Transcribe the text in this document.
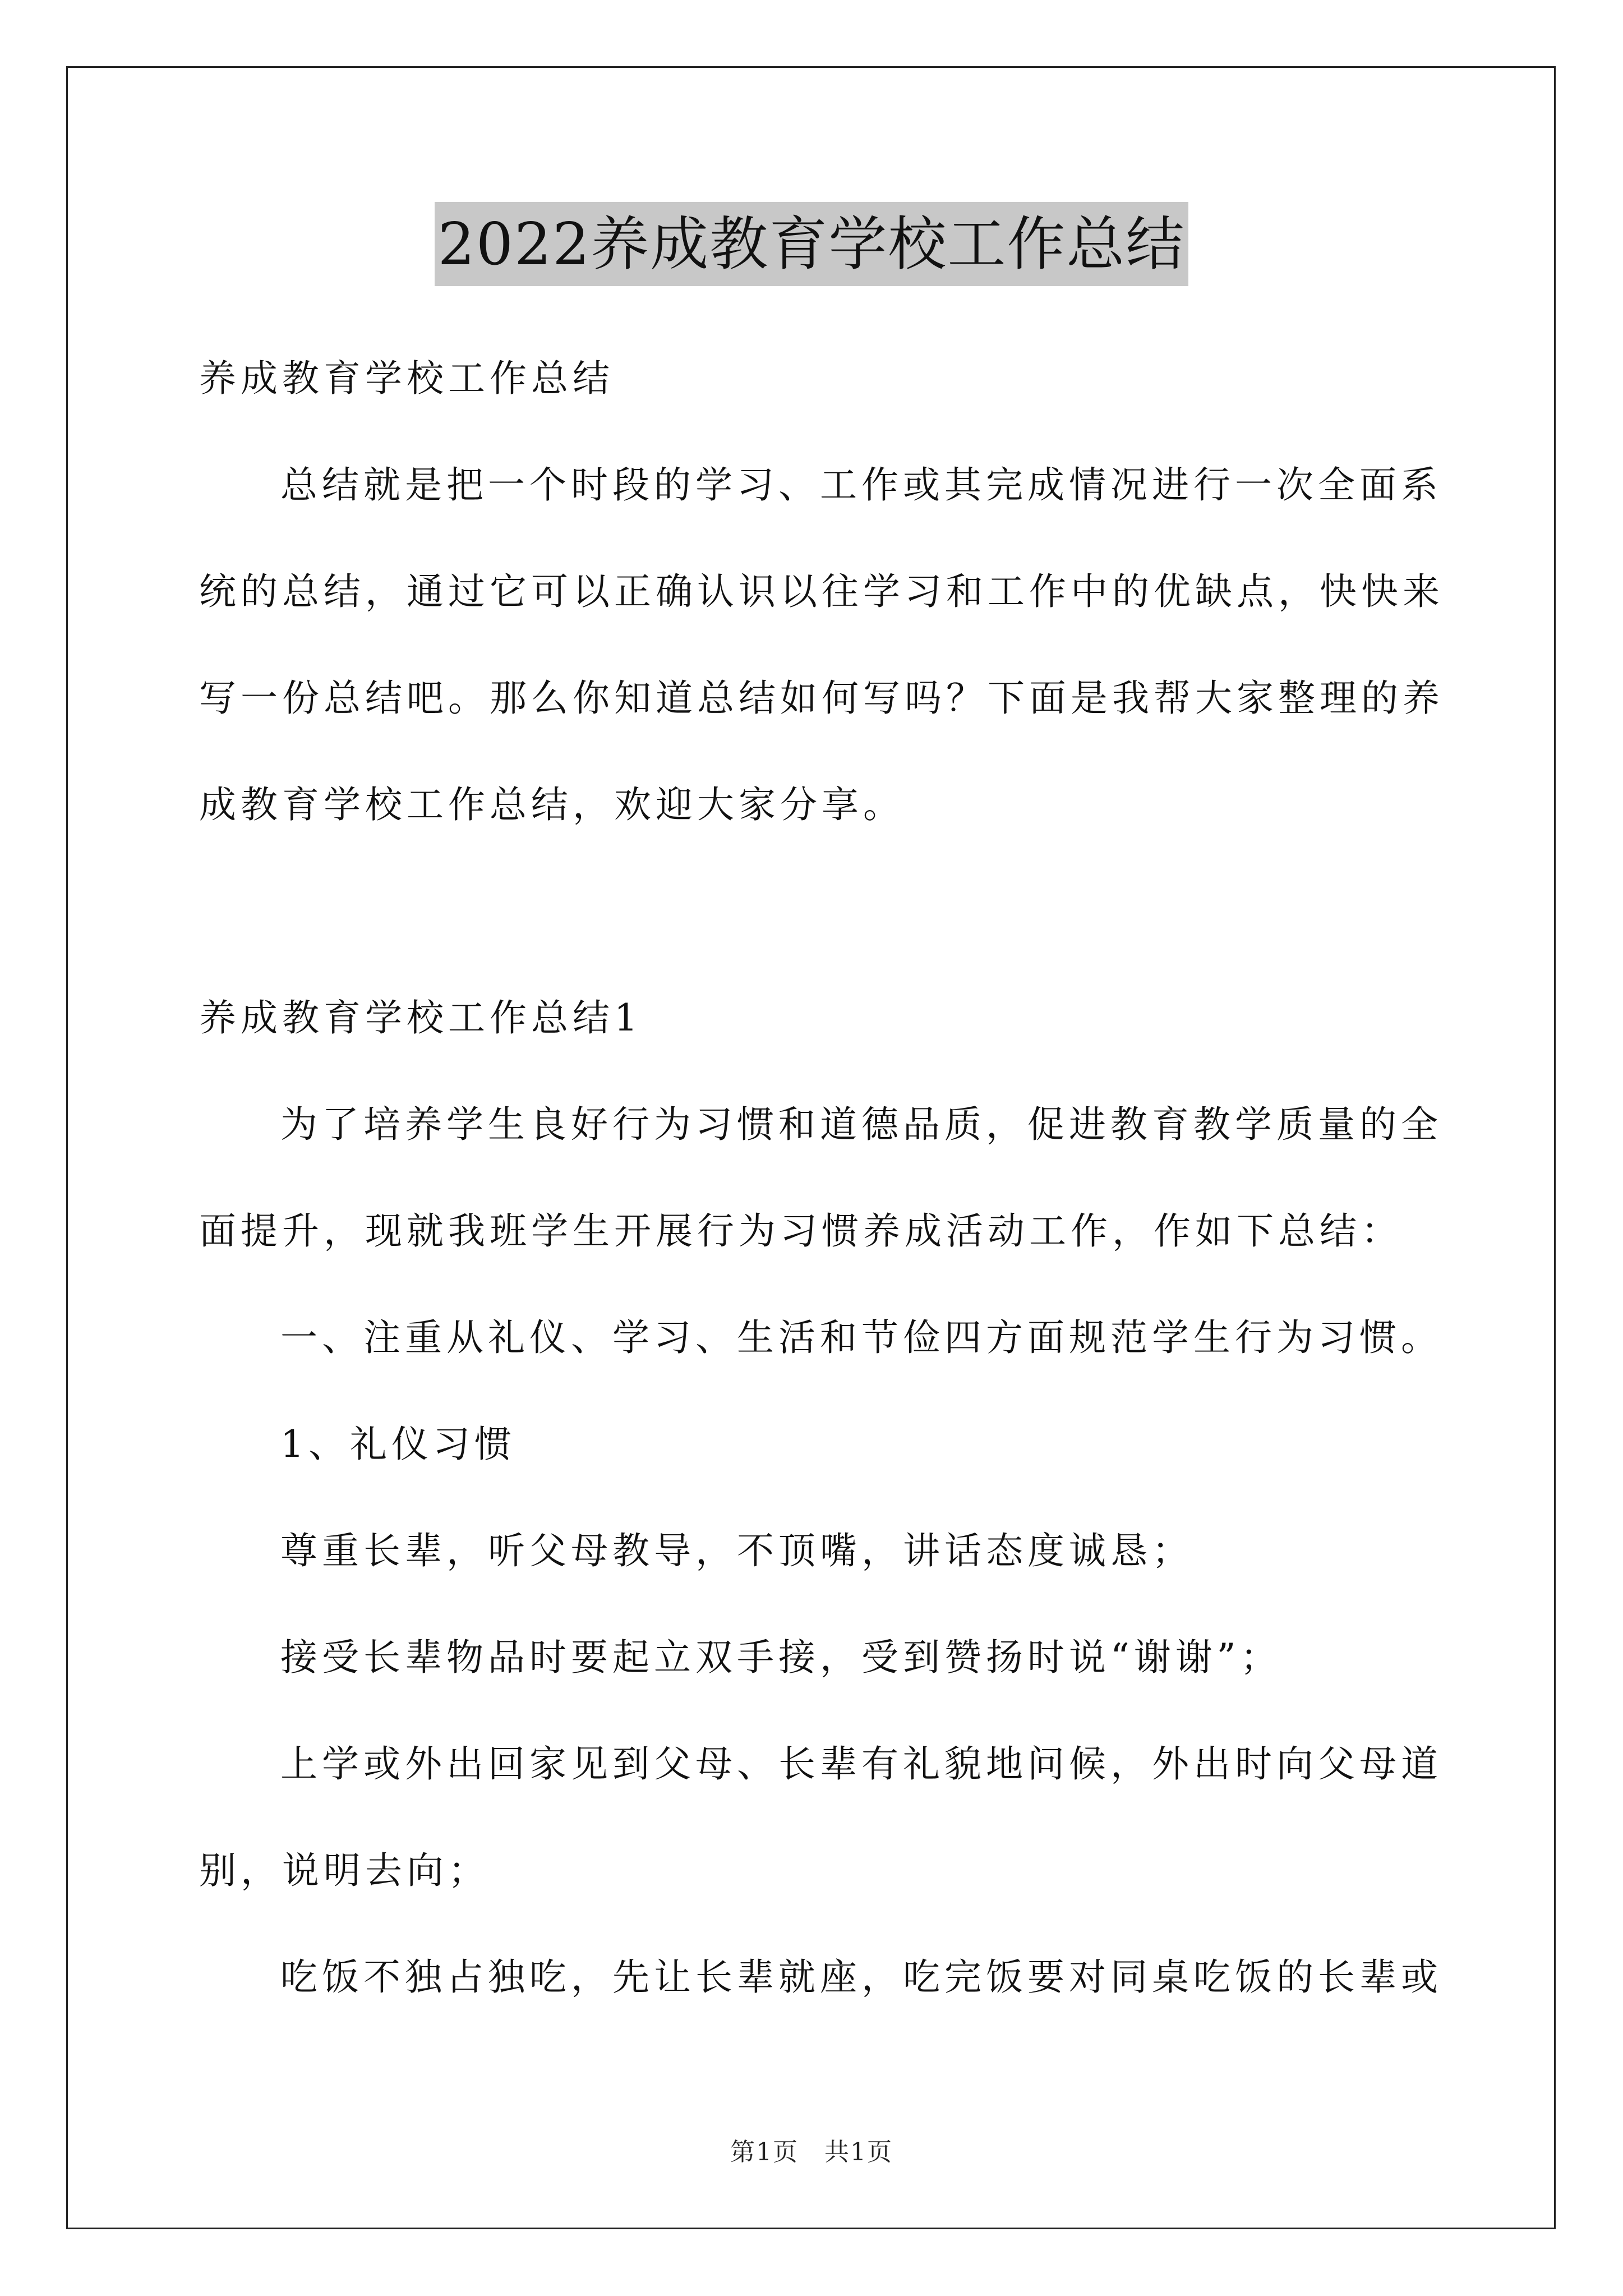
2022养成教育学校工作总结
养成教育学校工作总结
总结就是把一个时段的学习、工作或其完成情况进行一次全面系
统的总结，通过它可以正确认识以往学习和工作中的优缺点，快快来
写一份总结吧。那么你知道总结如何写吗？下面是我帮大家整理的养
成教育学校工作总结，欢迎大家分享。
养成教育学校工作总结1
为了培养学生良好行为习惯和道德品质，促进教育教学质量的全
面提升，现就我班学生开展行为习惯养成活动工作，作如下总结：
一、注重从礼仪、学习、生活和节俭四方面规范学生行为习惯。
1、礼仪习惯
尊重长辈，听父母教导，不顶嘴，讲话态度诚恳；
接受长辈物品时要起立双手接，受到赞扬时说“谢谢”；
上学或外出回家见到父母、长辈有礼貌地问候，外出时向父母道
别，说明去向；
吃饭不独占独吃，先让长辈就座，吃完饭要对同桌吃饭的长辈或
第1页　共1页
